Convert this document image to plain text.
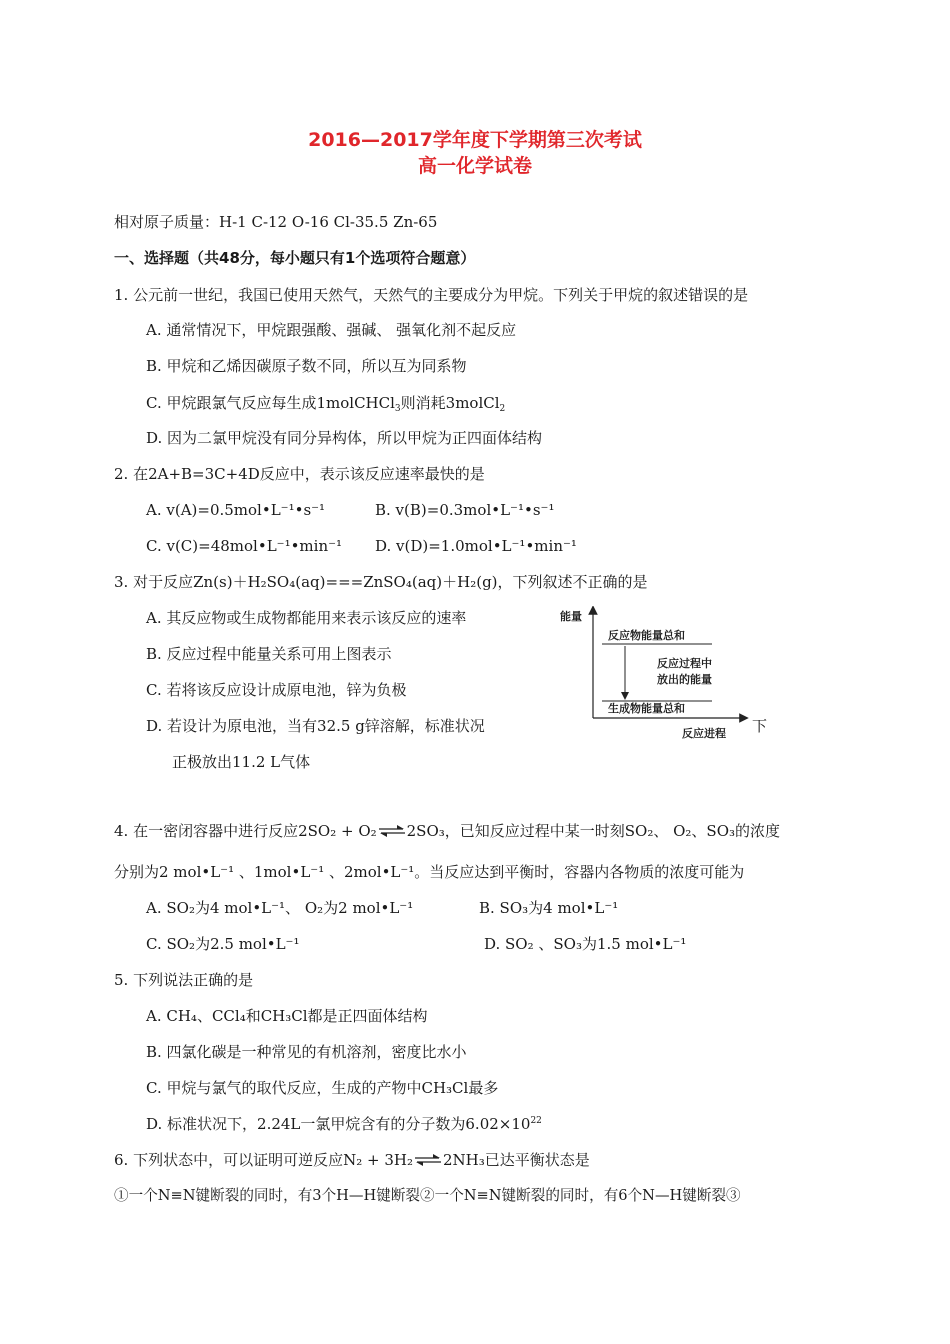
2016—2017学年度下学期第三次考试
高一化学试卷
相对原子质量：H-1 C-12 O-16 Cl-35.5 Zn-65
一、选择题（共48分，每小题只有1个选项符合题意）
1. 公元前一世纪，我国已使用天然气，天然气的主要成分为甲烷。下列关于甲烷的叙述错误的是
A. 通常情况下，甲烷跟强酸、强碱、 强氧化剂不起反应
B. 甲烷和乙烯因碳原子数不同，所以互为同系物
C. 甲烷跟氯气反应每生成1molCHCl$_3$则消耗3molCl$_2$
D. 因为二氯甲烷没有同分异构体，所以甲烷为正四面体结构
2. 在2A+B=3C+4D反应中，表示该反应速率最快的是
A. v(A)=0.5mol•L⁻¹•s⁻¹	B. v(B)=0.3mol•L⁻¹•s⁻¹
C. v(C)=48mol•L⁻¹•min⁻¹ D. v(D)=1.0mol•L⁻¹•min⁻¹
3. 对于反应Zn(s)＋H₂SO₄(aq)===ZnSO₄(aq)＋H₂(g)，下列叙述不正确的是
A. 其反应物或生成物都能用来表示该反应的速率
B. 反应过程中能量关系可用上图表示
C. 若将该反应设计成原电池，锌为负极
D. 若设计为原电池，当有32.5 g锌溶解，标准状况	下
正极放出11.2 L气体
能量
反应物能量总和
反应过程中
放出的能量
生成物能量总和
反应进程
4. 在一密闭容器中进行反应2SO₂ + O₂⇌2SO₃，已知反应过程中某一时刻SO₂、 O₂、SO₃的浓度
分别为2 mol•L⁻¹ 、1mol•L⁻¹ 、2mol•L⁻¹。当反应达到平衡时，容器内各物质的浓度可能为
A. SO₂为4 mol•L⁻¹、 O₂为2 mol•L⁻¹	B. SO₃为4 mol•L⁻¹
C. SO₂为2.5 mol•L⁻¹	D. SO₂ 、SO₃为1.5 mol•L⁻¹
5. 下列说法正确的是
A. CH₄、CCl₄和CH₃Cl都是正四面体结构
B. 四氯化碳是一种常见的有机溶剂，密度比水小
C. 甲烷与氯气的取代反应，生成的产物中CH₃Cl最多
D. 标准状况下，2.24L一氯甲烷含有的分子数为$6.02\times 10^{22}$
6. 下列状态中，可以证明可逆反应N₂ + 3H₂⇌2NH₃已达平衡状态是
①一个N≡N键断裂的同时，有3个H—H键断裂②一个N≡N键断裂的同时，有6个N—H键断裂③
